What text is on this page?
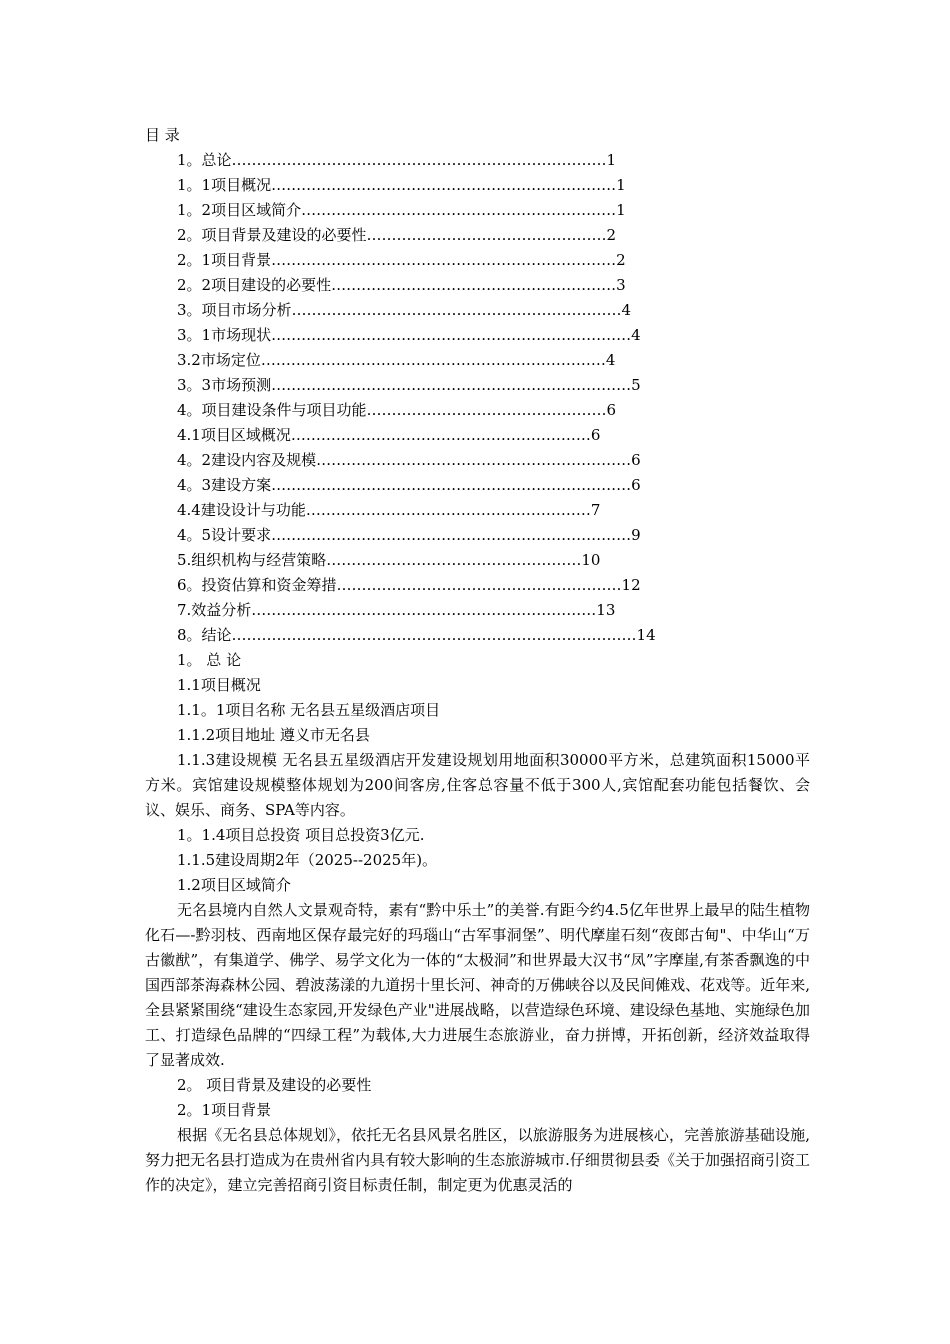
目 录
1。总论…………………………………………………………………1
1。1项目概况……………………………………………………………1
1。2项目区域简介………………………………………………………1
2。项目背景及建设的必要性…………………………………………2
2。1项目背景……………………………………………………………2
2。2项目建设的必要性…………………………………………………3
3。项目市场分析…………………………………………………………4
3。1市场现状………………………………………………………………4
3.2市场定位……………………………………………………………4
3。3市场预测………………………………………………………………5
4。项目建设条件与项目功能…………………………………………6
4.1项目区域概况……………………………………………………6
4。2建设内容及规模………………………………………………………6
4。3建设方案………………………………………………………………6
4.4建设设计与功能…………………………………………………7
4。5设计要求………………………………………………………………9
5.组织机构与经营策略……………………………………………10
6。投资估算和资金筹措…………………………………………………12
7.效益分析……………………………………………………………13
8。结论………………………………………………………………………14
1。 总 论
1.1项目概况
1.1。1项目名称 无名县五星级酒店项目
1.1.2项目地址 遵义市无名县

1.1.3建设规模 无名县五星级酒店开发建设规划用地面积30000平方米，总建筑面积15000平方米。宾馆建设规模整体规划为200间客房,住客总容量不低于300人,宾馆配套功能包括餐饮、会议、娱乐、商务、SPA等内容。

1。1.4项目总投资 项目总投资3亿元.
1.1.5建设周期2年（2025--2025年)。
1.2项目区域简介

无名县境内自然人文景观奇特，素有“黔中乐土”的美誉.有距今约4.5亿年世界上最早的陆生植物化石—-黔羽枝、西南地区保存最完好的玛瑙山“古军事洞堡”、明代摩崖石刻“夜郎古甸"、中华山“万古徽猷”，有集道学、佛学、易学文化为一体的“太极洞”和世界最大汉书“凤”字摩崖,有茶香飘逸的中国西部茶海森林公园、碧波荡漾的九道拐十里长河、神奇的万佛峡谷以及民间傩戏、花戏等。近年来,全县紧紧围绕“建设生态家园,开发绿色产业"进展战略，以营造绿色环境、建设绿色基地、实施绿色加工、打造绿色品牌的“四绿工程”为载体,大力进展生态旅游业，奋力拼博，开拓创新，经济效益取得了显著成效.

2。 项目背景及建设的必要性
2。1项目背景

根据《无名县总体规划》，依托无名县风景名胜区，以旅游服务为进展核心，完善旅游基础设施,努力把无名县打造成为在贵州省内具有较大影响的生态旅游城市.仔细贯彻县委《关于加强招商引资工作的决定》，建立完善招商引资目标责任制，制定更为优惠灵活的
